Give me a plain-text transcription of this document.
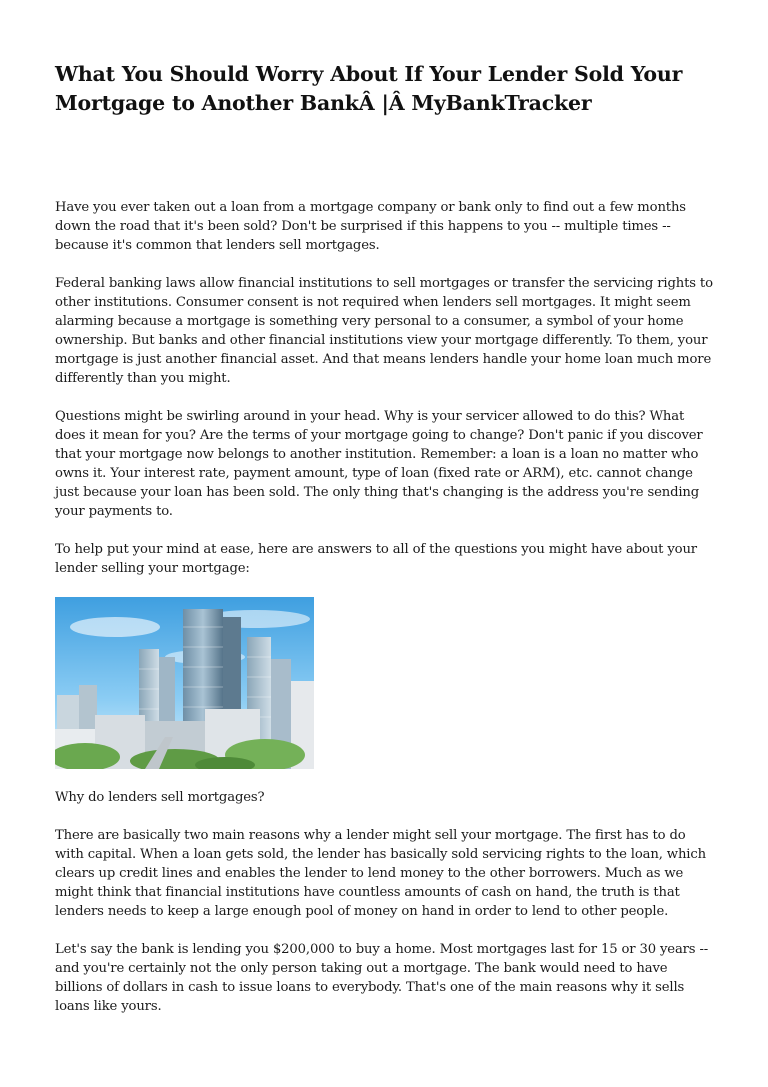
What You Should Worry About If Your Lender Sold Your Mortgage to Another BankÂ |Â MyBankTracker

Have you ever taken out a loan from a mortgage company or bank only to find out a few months down the road that it's been sold? Don't be surprised if this happens to you -- multiple times -- because it's common that lenders sell mortgages.

Federal banking laws allow financial institutions to sell mortgages or transfer the servicing rights to other institutions. Consumer consent is not required when lenders sell mortgages. It might seem alarming because a mortgage is something very personal to a consumer, a symbol of your home ownership. But banks and other financial institutions view your mortgage differently. To them, your mortgage is just another financial asset. And that means lenders handle your home loan much more differently than you might.

Questions might be swirling around in your head. Why is your servicer allowed to do this? What does it mean for you? Are the terms of your mortgage going to change? Don't panic if you discover that your mortgage now belongs to another institution. Remember: a loan is a loan no matter who owns it. Your interest rate, payment amount, type of loan (fixed rate or ARM), etc. cannot change just because your loan has been sold. The only thing that's changing is the address you're sending your payments to.

To help put your mind at ease, here are answers to all of the questions you might have about your lender selling your mortgage:

Why do lenders sell mortgages?

There are basically two main reasons why a lender might sell your mortgage. The first has to do with capital. When a loan gets sold, the lender has basically sold servicing rights to the loan, which clears up credit lines and enables the lender to lend money to the other borrowers. Much as we might think that financial institutions have countless amounts of cash on hand, the truth is that lenders needs to keep a large enough pool of money on hand in order to lend to other people.

Let's say the bank is lending you $200,000 to buy a home. Most mortgages last for 15 or 30 years -- and you're certainly not the only person taking out a mortgage. The bank would need to have billions of dollars in cash to issue loans to everybody. That's one of the main reasons why it sells loans like yours.
